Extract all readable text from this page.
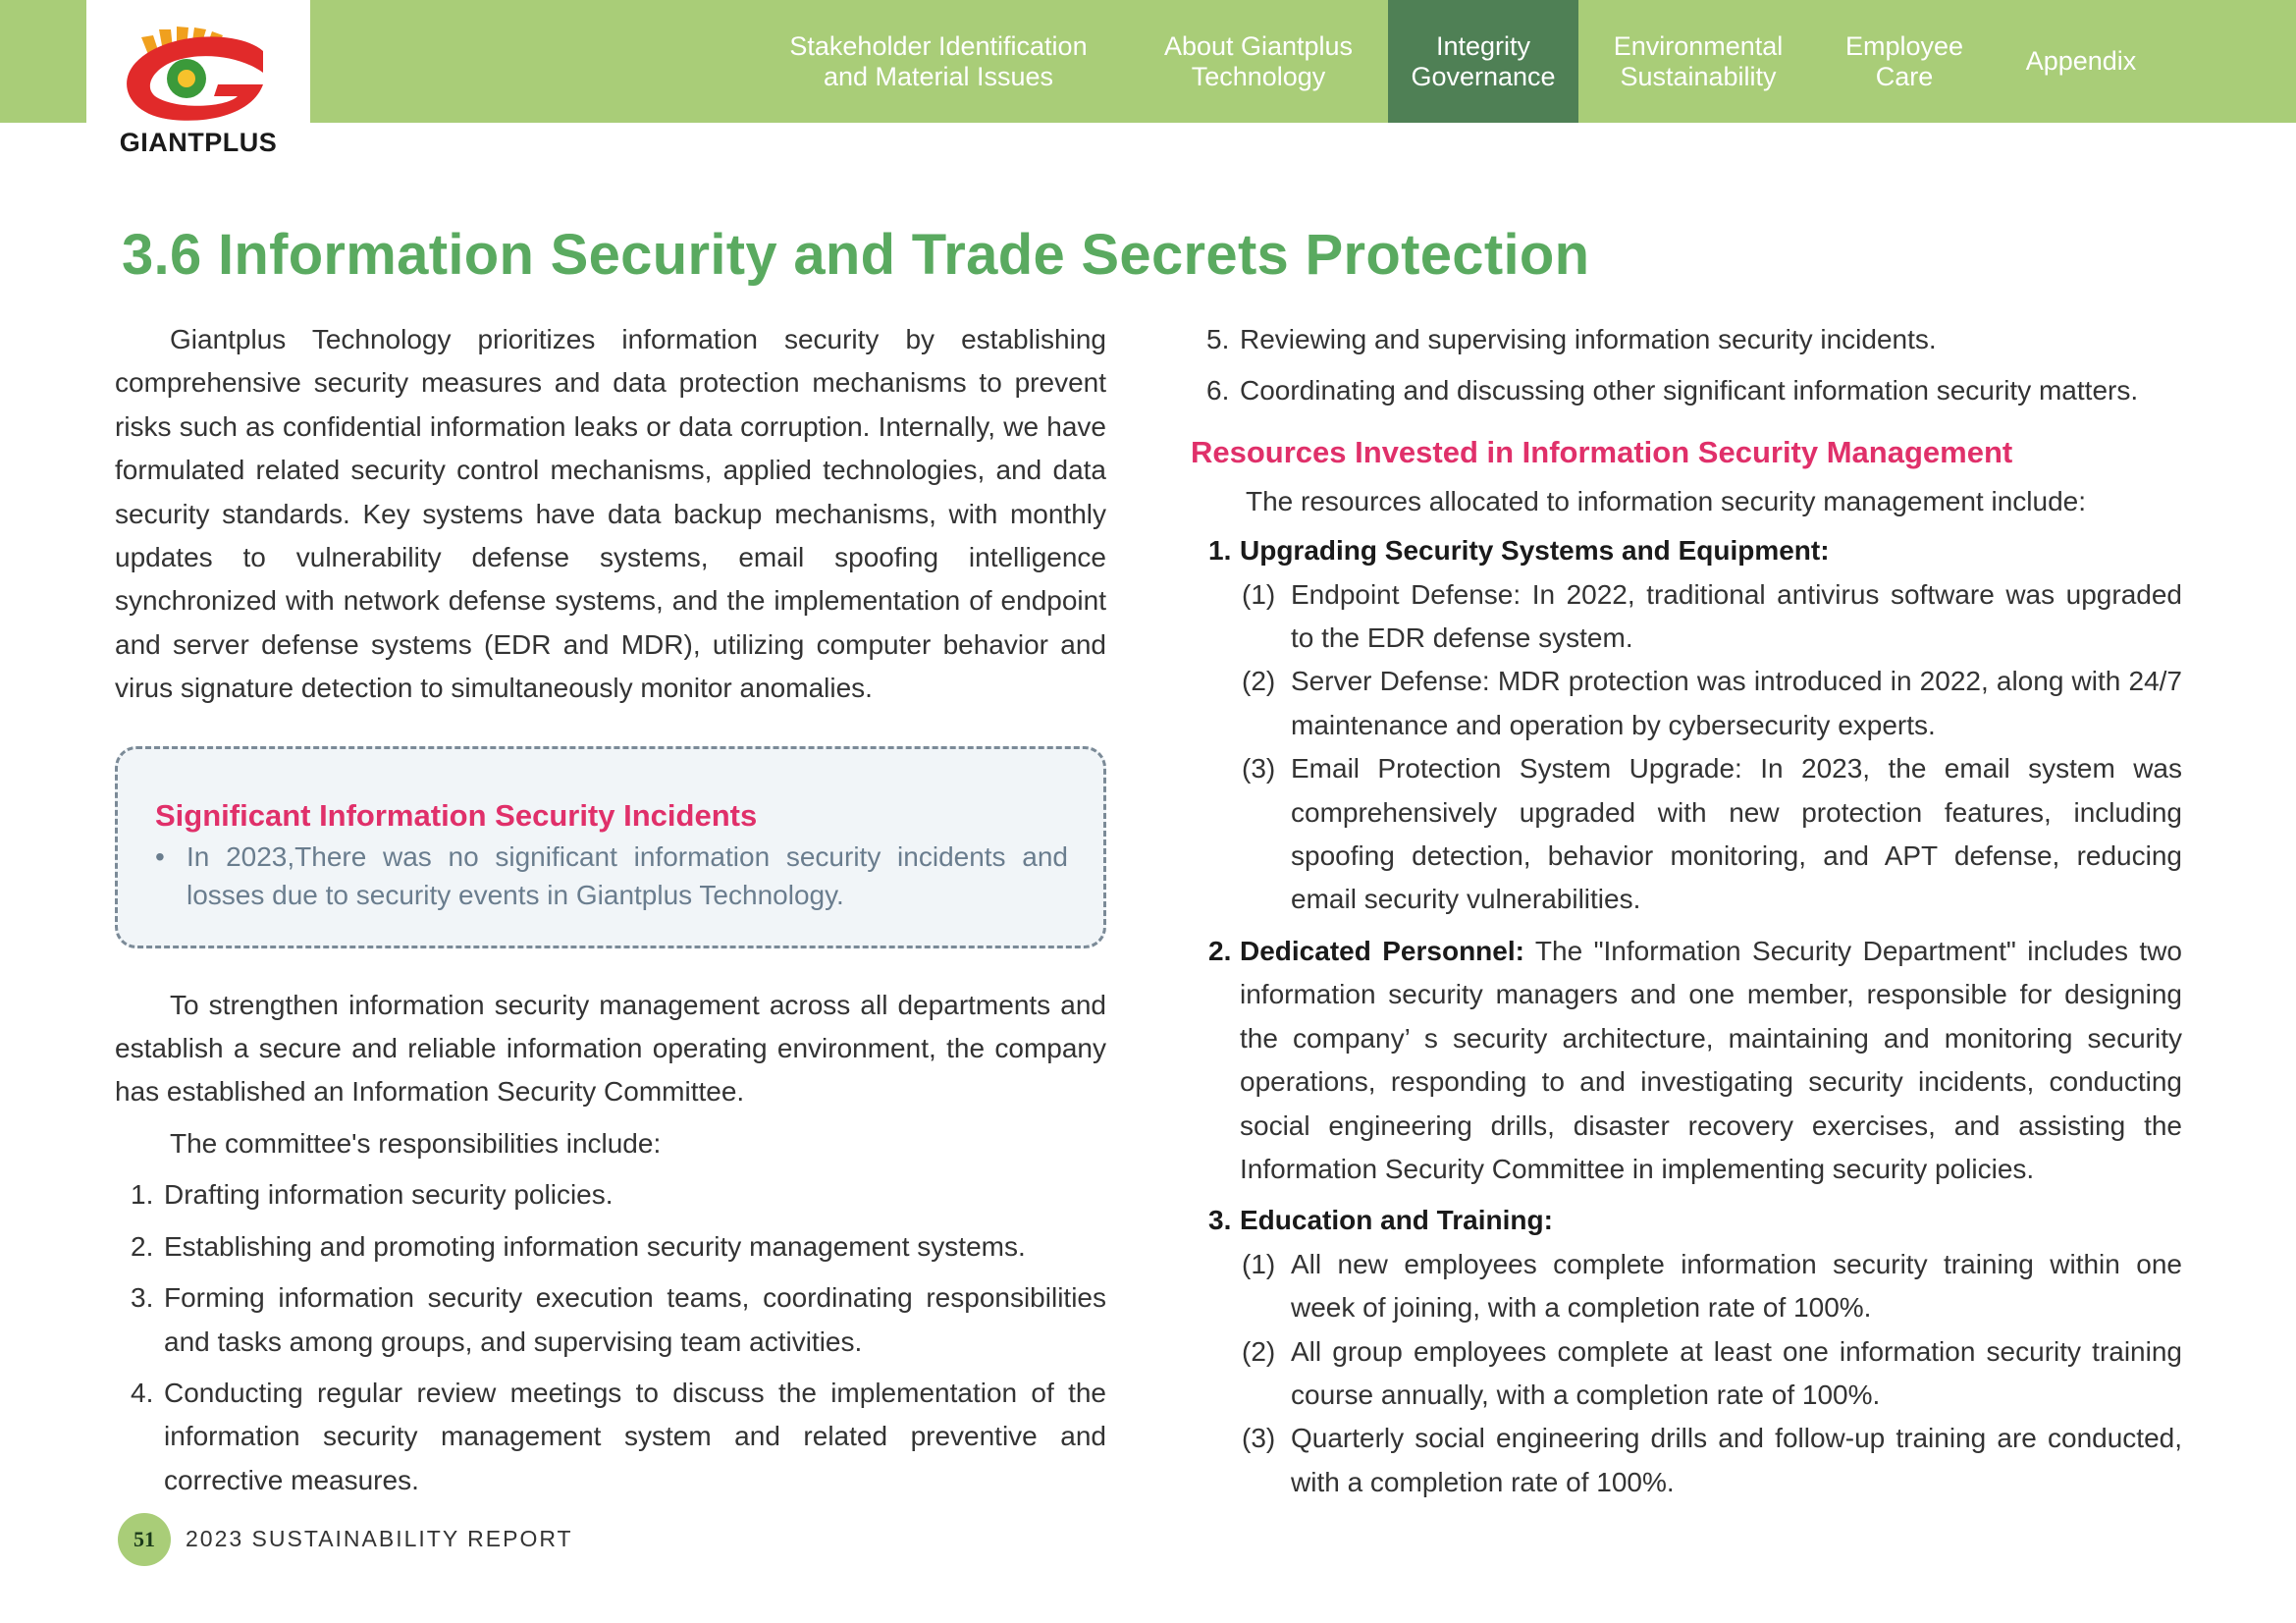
GIANTPLUS
Stakeholder Identification and Material Issues
About Giantplus Technology
Integrity Governance
Environmental Sustainability
Employee Care
Appendix
3.6 Information Security and Trade Secrets Protection

Giantplus Technology prioritizes information security by establishing comprehensive security measures and data protection mechanisms to prevent risks such as confidential information leaks or data corruption. Internally, we have formulated related security control mechanisms, applied technologies, and data security standards. Key systems have data backup mechanisms, with monthly updates to vulnerability defense systems, email spoofing intelligence synchronized with network defense systems, and the implementation of endpoint and server defense systems (EDR and MDR), utilizing computer behavior and virus signature detection to simultaneously monitor anomalies.

Significant Information Security Incidents
• In 2023,There was no significant information security incidents and losses due to security events in Giantplus Technology.

To strengthen information security management across all departments and establish a secure and reliable information operating environment, the company has established an Information Security Committee.

The committee's responsibilities include:

1. Drafting information security policies.
2. Establishing and promoting information security management systems.
3. Forming information security execution teams, coordinating responsibilities and tasks among groups, and supervising team activities.
4. Conducting regular review meetings to discuss the implementation of the information security management system and related preventive and corrective measures.
5. Reviewing and supervising information security incidents.
6. Coordinating and discussing other significant information security matters.
Resources Invested in Information Security Management

The resources allocated to information security management include:

1. Upgrading Security Systems and Equipment:
(1) Endpoint Defense: In 2022, traditional antivirus software was upgraded to the EDR defense system.
(2) Server Defense: MDR protection was introduced in 2022, along with 24/7 maintenance and operation by cybersecurity experts.
(3) Email Protection System Upgrade: In 2023, the email system was comprehensively upgraded with new protection features, including spoofing detection, behavior monitoring, and APT defense, reducing email security vulnerabilities.
2. Dedicated Personnel: The "Information Security Department" includes two information security managers and one member, responsible for designing the company’ s security architecture, maintaining and monitoring security operations, responding to and investigating security incidents, conducting social engineering drills, disaster recovery exercises, and assisting the Information Security Committee in implementing security policies.
3. Education and Training:
(1) All new employees complete information security training within one week of joining, with a completion rate of 100%.
(2) All group employees complete at least one information security training course annually, with a completion rate of 100%.
(3) Quarterly social engineering drills and follow-up training are conducted, with a completion rate of 100%.
51 2023 SUSTAINABILITY REPORT
